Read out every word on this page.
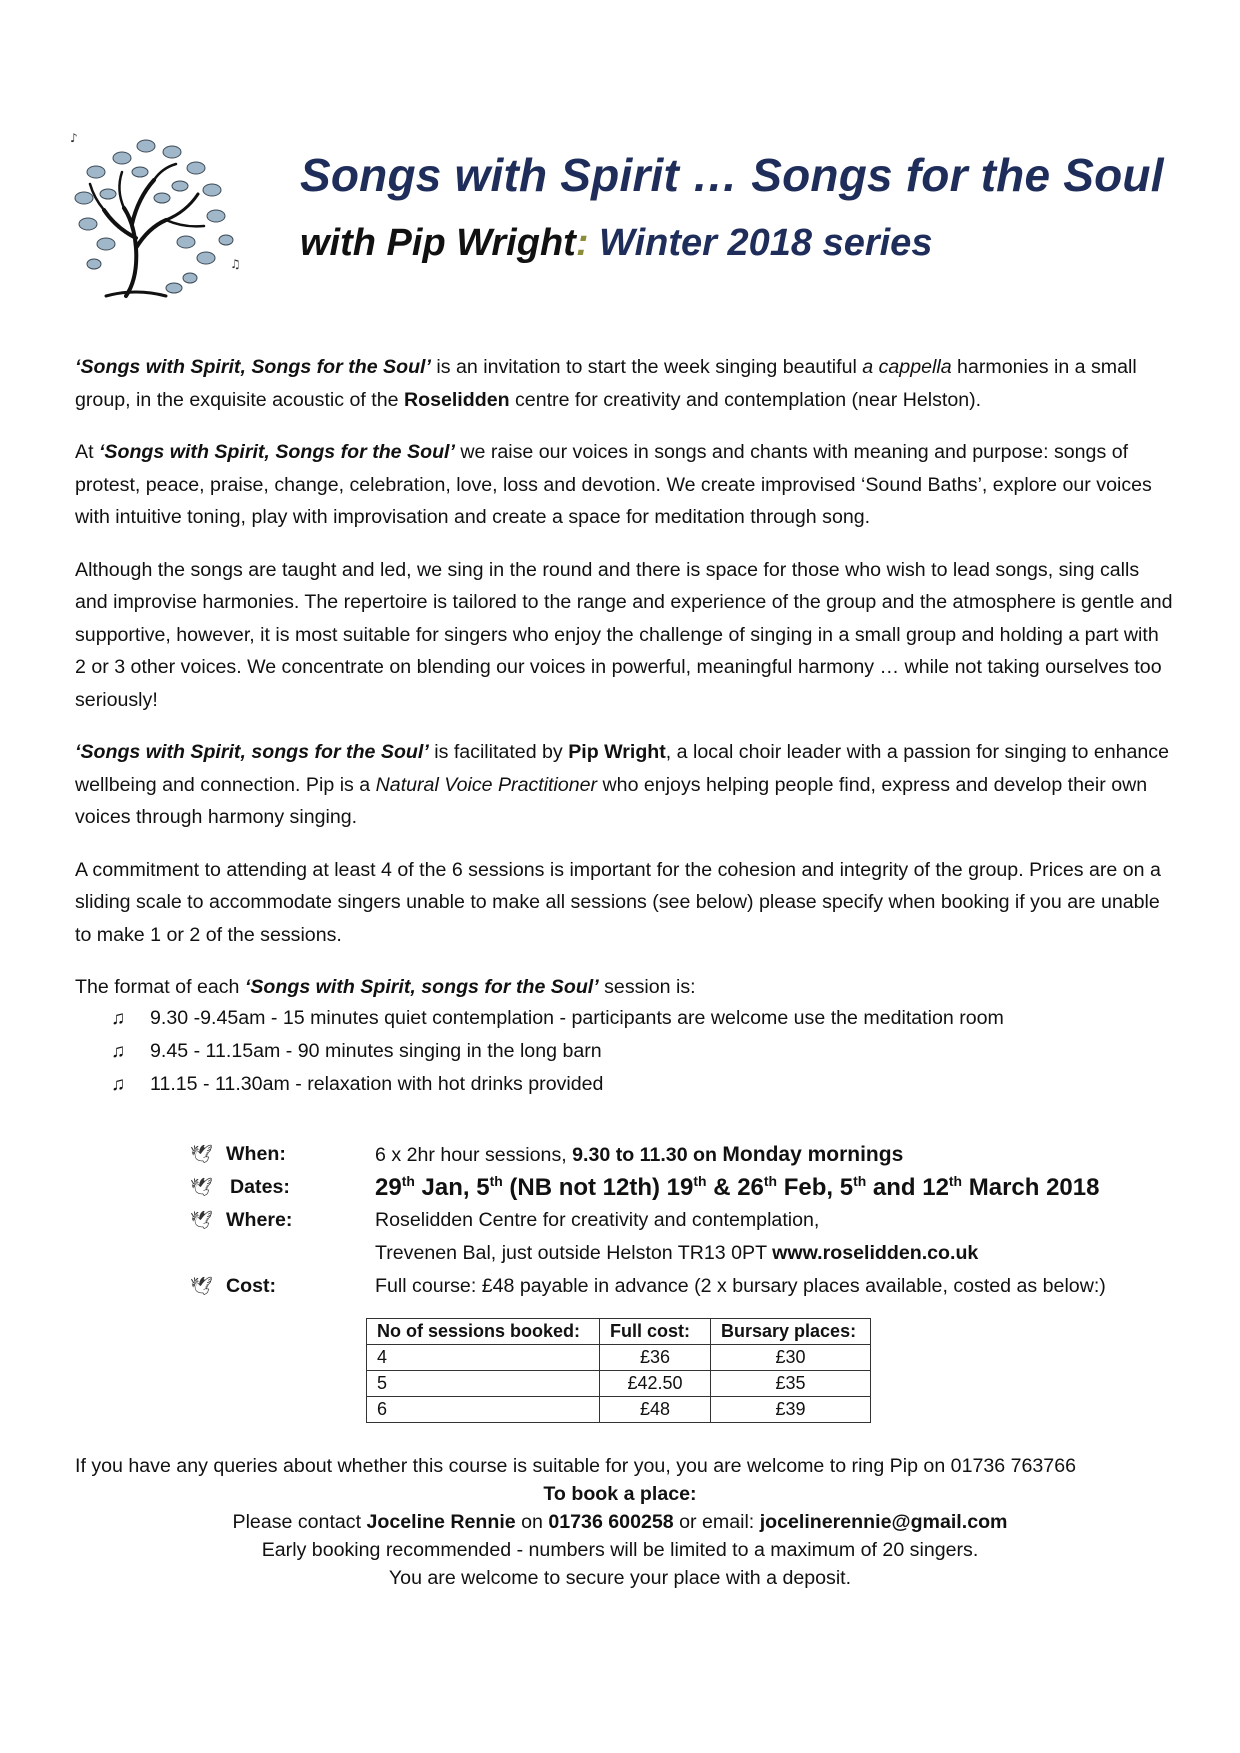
♪
♫
Songs with Spirit … Songs for the Soul
with Pip Wright: Winter 2018 series

‘Songs with Spirit, Songs for the Soul’ is an invitation to start the week singing beautiful a cappella harmonies in a small group, in the exquisite acoustic of the Roselidden centre for creativity and contemplation (near Helston).

At ‘Songs with Spirit, Songs for the Soul’ we raise our voices in songs and chants with meaning and purpose: songs of protest, peace, praise, change, celebration, love, loss and devotion. We create improvised ‘Sound Baths’, explore our voices with intuitive toning, play with improvisation and create a space for meditation through song.

Although the songs are taught and led, we sing in the round and there is space for those who wish to lead songs, sing calls and improvise harmonies. The repertoire is tailored to the range and experience of the group and the atmosphere is gentle and supportive, however, it is most suitable for singers who enjoy the challenge of singing in a small group and holding a part with 2 or 3 other voices. We concentrate on blending our voices in powerful, meaningful harmony … while not taking ourselves too seriously!

‘Songs with Spirit, songs for the Soul’ is facilitated by Pip Wright, a local choir leader with a passion for singing to enhance wellbeing and connection. Pip is a Natural Voice Practitioner who enjoys helping people find, express and develop their own voices through harmony singing.

A commitment to attending at least 4 of the 6 sessions is important for the cohesion and integrity of the group. Prices are on a sliding scale to accommodate singers unable to make all sessions (see below) please specify when booking if you are unable to make 1 or 2 of the sessions.

The format of each ‘Songs with Spirit, songs for the Soul’ session is:

♫ 9.30 -9.45am - 15 minutes quiet contemplation - participants are welcome use the meditation room
♫ 9.45 - 11.15am - 90 minutes singing in the long barn
♫ 11.15 - 11.30am - relaxation with hot drinks provided
🕊 When:	6 x 2hr hour sessions, 9.30 to 11.30 on Monday mornings
🕊 Dates:	29th Jan, 5th (NB not 12th) 19th & 26th Feb, 5th and 12th March 2018
🕊 Where:	Roselidden Centre for creativity and contemplation,
Trevenen Bal, just outside Helston TR13 0PT www.roselidden.co.uk
🕊 Cost:	Full course: £48 payable in advance (2 x bursary places available, costed as below:)
No of sessions booked:	Full cost:	Bursary places:
4	£36	£30
5	£42.50	£35
6	£48	£39
If you have any queries about whether this course is suitable for you, you are welcome to ring Pip on 01736 763766
To book a place:
Please contact Joceline Rennie on 01736 600258 or email: jocelinerennie@gmail.com
Early booking recommended - numbers will be limited to a maximum of 20 singers.
You are welcome to secure your place with a deposit.
